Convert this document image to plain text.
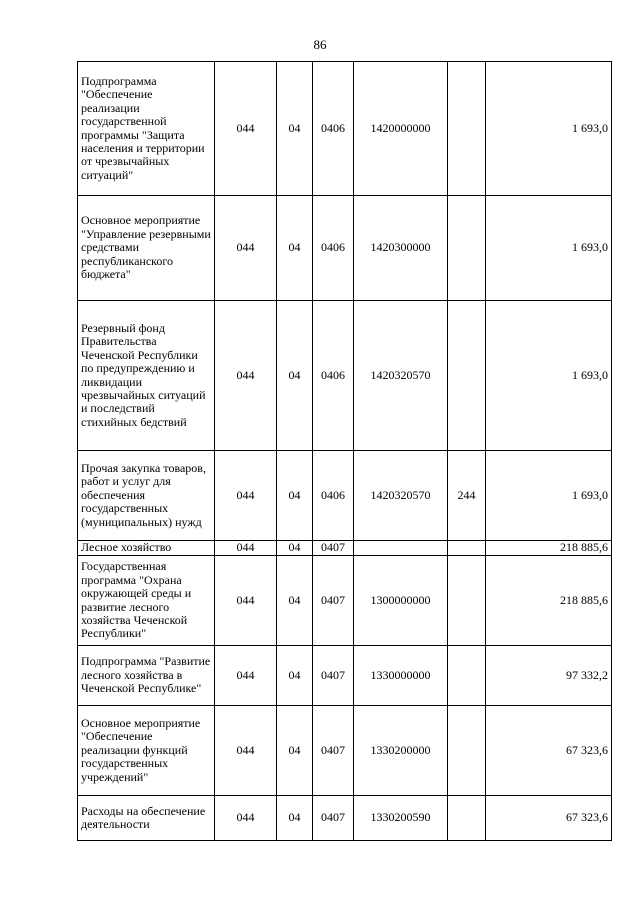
86
Подпрограмма "Обеспечение реализации государственной программы "Защита населения и территории от чрезвычайных ситуаций"	044	04	0406	1420000000		1 693,0
Основное мероприятие "Управление резервными средствами республиканского бюджета"	044	04	0406	1420300000		1 693,0
Резервный фонд Правительства Чеченской Республики по предупреждению и ликвидации чрезвычайных ситуаций и последствий стихийных бедствий	044	04	0406	1420320570		1 693,0
Прочая закупка товаров, работ и услуг для обеспечения государственных (муниципальных) нужд	044	04	0406	1420320570	244	1 693,0
Лесное хозяйство	044	04	0407			218 885,6
Государственная программа "Охрана окружающей среды и развитие лесного хозяйства Чеченской Республики"	044	04	0407	1300000000		218 885,6
Подпрограмма "Развитие лесного хозяйства в Чеченской Республике"	044	04	0407	1330000000		97 332,2
Основное мероприятие "Обеспечение реализации функций государственных учреждений"	044	04	0407	1330200000		67 323,6
Расходы на обеспечение деятельности	044	04	0407	1330200590		67 323,6
